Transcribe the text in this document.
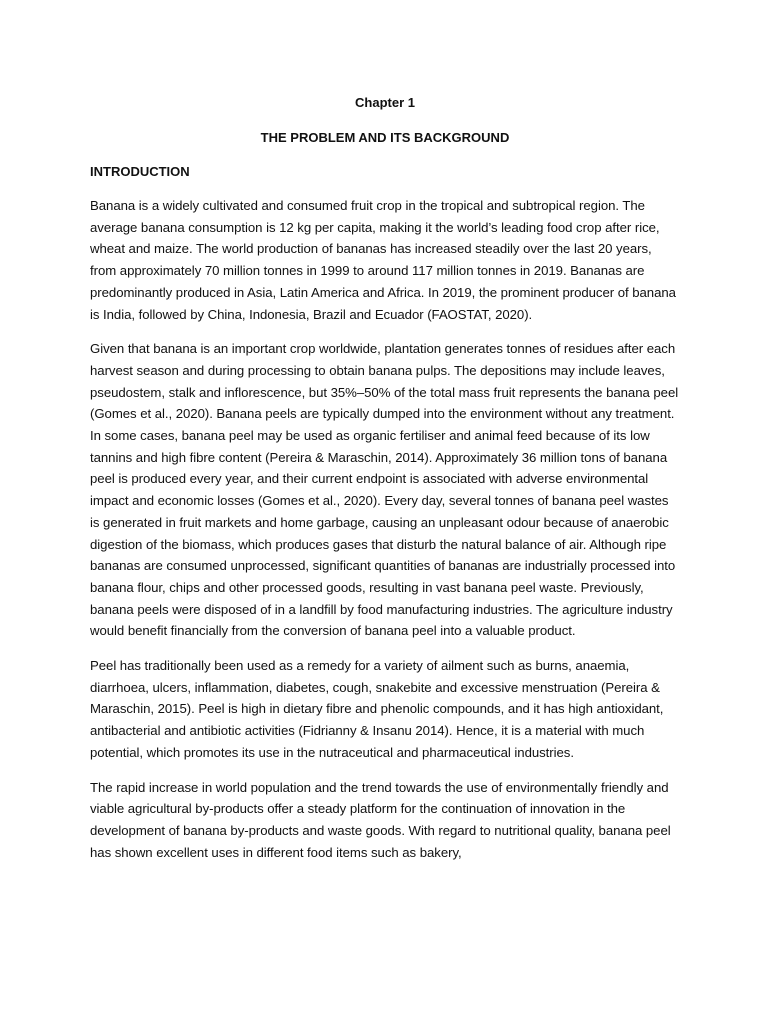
Chapter 1
THE PROBLEM AND ITS BACKGROUND
INTRODUCTION

Banana is a widely cultivated and consumed fruit crop in the tropical and subtropical region. The average banana consumption is 12 kg per capita, making it the world’s leading food crop after rice, wheat and maize. The world production of bananas has increased steadily over the last 20 years, from approximately 70 million tonnes in 1999 to around 117 million tonnes in 2019. Bananas are predominantly produced in Asia, Latin America and Africa. In 2019, the prominent producer of banana is India, followed by China, Indonesia, Brazil and Ecuador (FAOSTAT, 2020).

Given that banana is an important crop worldwide, plantation generates tonnes of residues after each harvest season and during processing to obtain banana pulps. The depositions may include leaves, pseudostem, stalk and inflorescence, but 35%–50% of the total mass fruit represents the banana peel (Gomes et al., 2020). Banana peels are typically dumped into the environment without any treatment. In some cases, banana peel may be used as organic fertiliser and animal feed because of its low tannins and high fibre content (Pereira & Maraschin, 2014). Approximately 36 million tons of banana peel is produced every year, and their current endpoint is associated with adverse environmental impact and economic losses (Gomes et al., 2020). Every day, several tonnes of banana peel wastes is generated in fruit markets and home garbage, causing an unpleasant odour because of anaerobic digestion of the biomass, which produces gases that disturb the natural balance of air. Although ripe bananas are consumed unprocessed, significant quantities of bananas are industrially processed into banana flour, chips and other processed goods, resulting in vast banana peel waste. Previously, banana peels were disposed of in a landfill by food manufacturing industries. The agriculture industry would benefit financially from the conversion of banana peel into a valuable product.

Peel has traditionally been used as a remedy for a variety of ailment such as burns, anaemia, diarrhoea, ulcers, inflammation, diabetes, cough, snakebite and excessive menstruation (Pereira & Maraschin, 2015). Peel is high in dietary fibre and phenolic compounds, and it has high antioxidant, antibacterial and antibiotic activities (Fidrianny & Insanu 2014). Hence, it is a material with much potential, which promotes its use in the nutraceutical and pharmaceutical industries.

The rapid increase in world population and the trend towards the use of environmentally friendly and viable agricultural by-products offer a steady platform for the continuation of innovation in the development of banana by-products and waste goods. With regard to nutritional quality, banana peel has shown excellent uses in different food items such as bakery,
